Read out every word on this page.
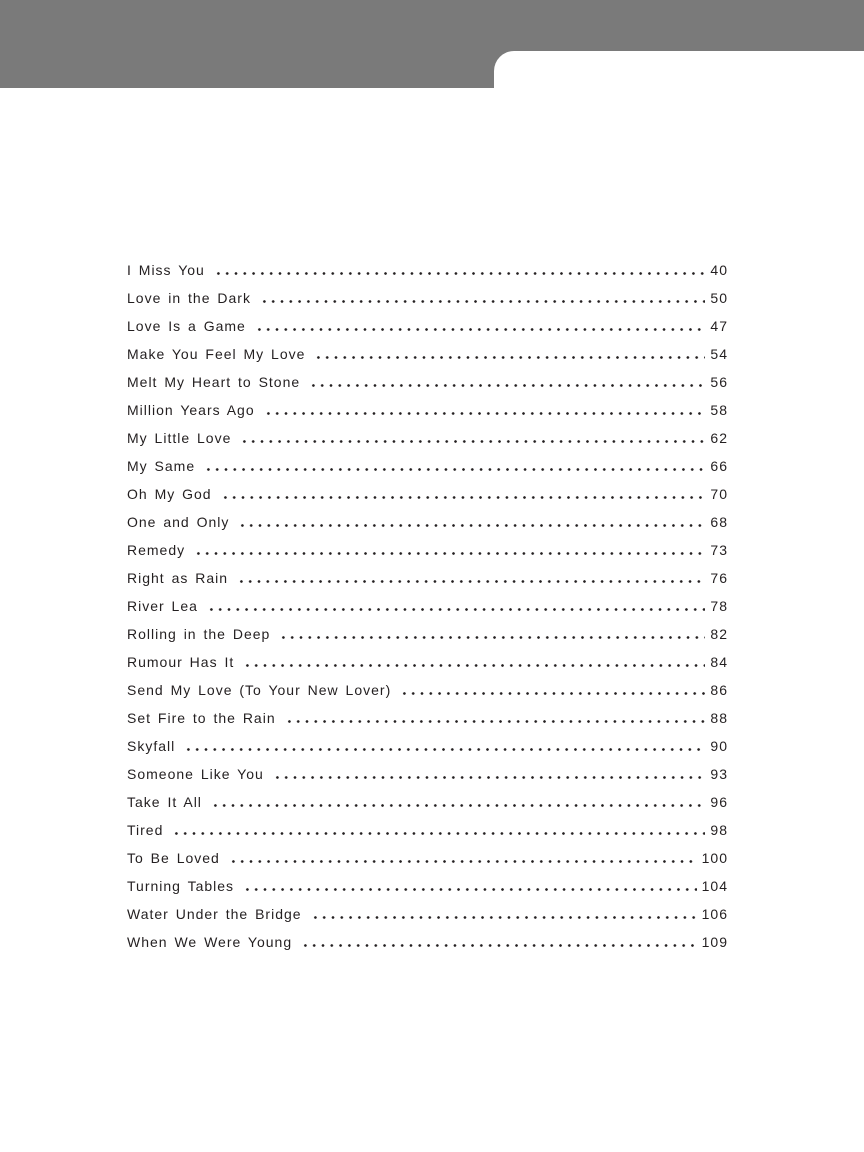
I Miss You	40
Love in the Dark	50
Love Is a Game	47
Make You Feel My Love	54
Melt My Heart to Stone	56
Million Years Ago	58
My Little Love	62
My Same	66
Oh My God	70
One and Only	68
Remedy	73
Right as Rain	76
River Lea	78
Rolling in the Deep	82
Rumour Has It	84
Send My Love (To Your New Lover)	86
Set Fire to the Rain	88
Skyfall	90
Someone Like You	93
Take It All	96
Tired	98
To Be Loved	100
Turning Tables	104
Water Under the Bridge	106
When We Were Young	109
